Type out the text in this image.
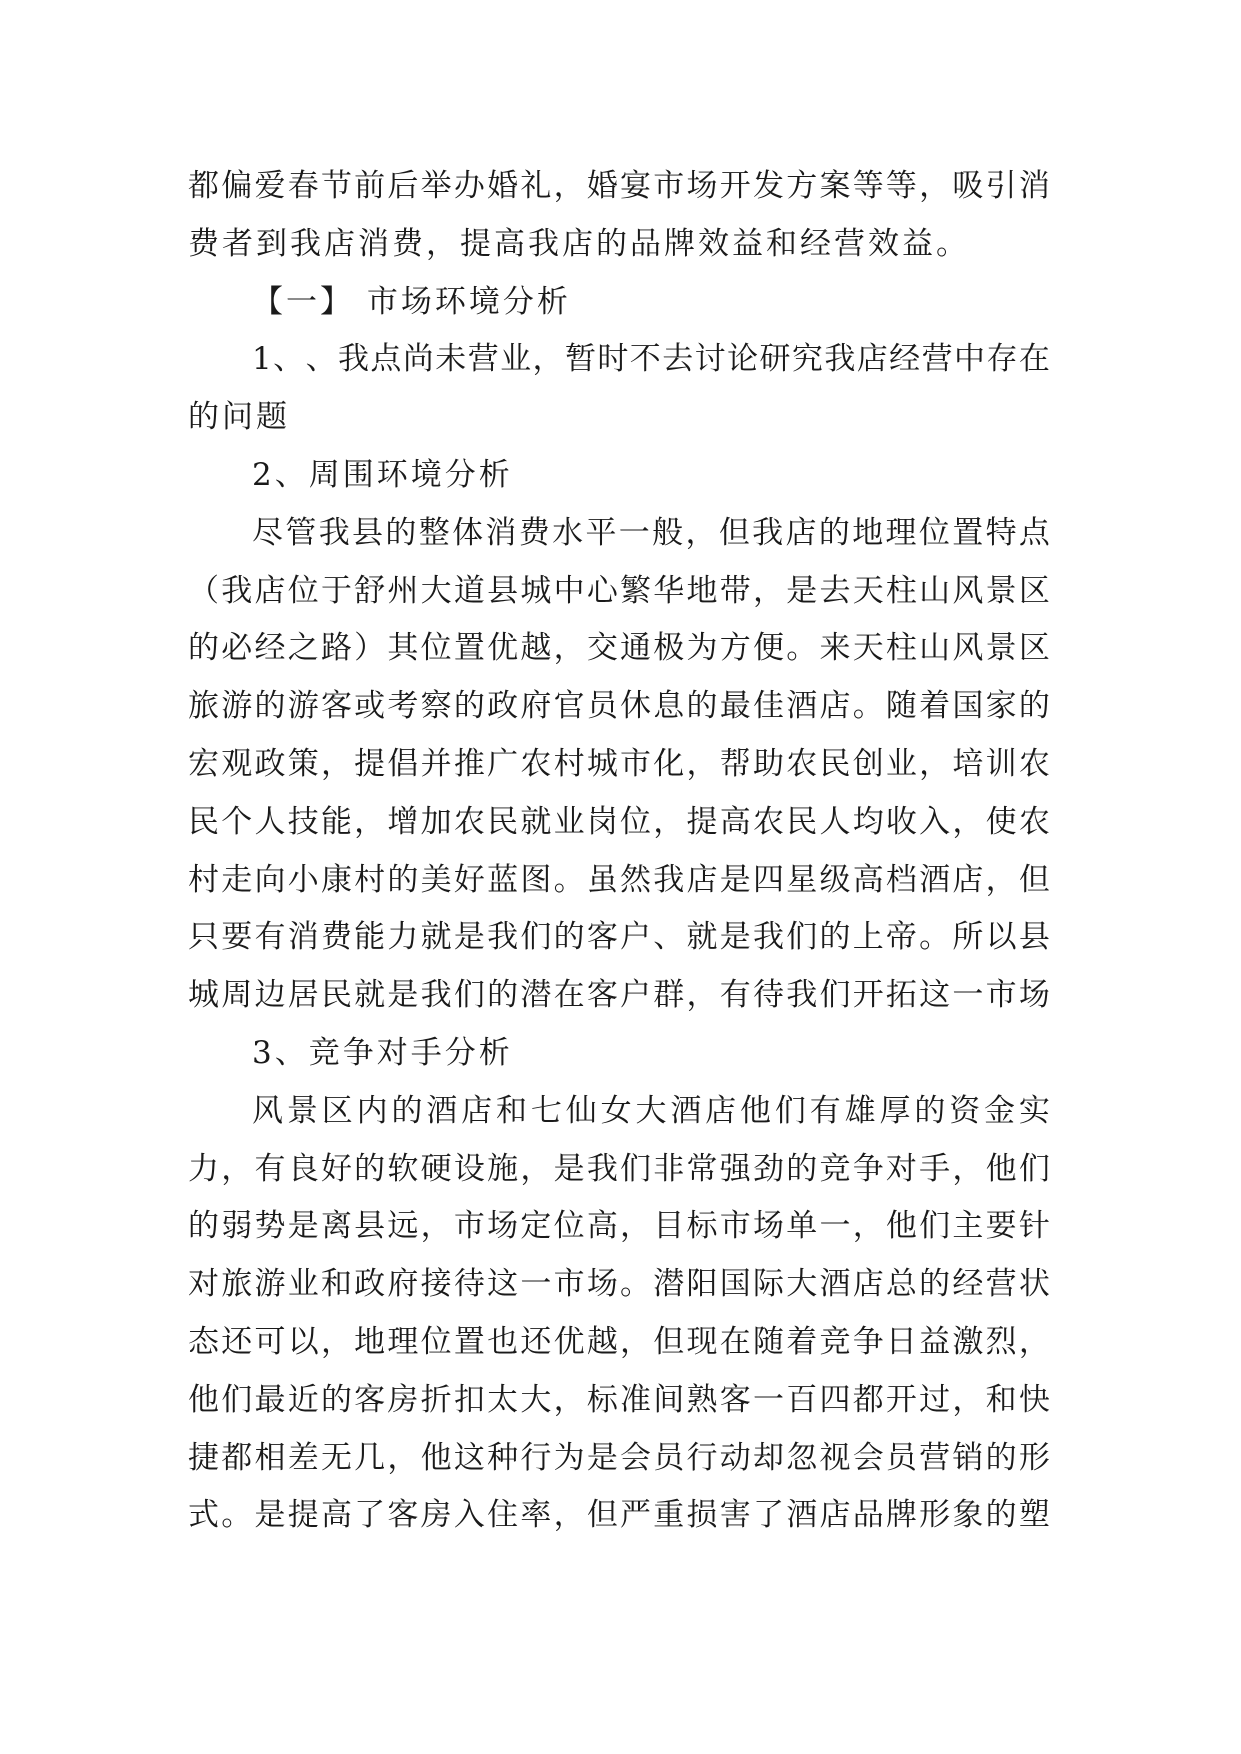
都 偏 爱 春 节 前 后 举 办 婚 礼 ， 婚 宴 市 场 开 发 方 案 等 等 ， 吸 引 消
费者到我店消费，提高我店的品牌效益和经营效益。
【一】 市场环境分析
1 、 、 我 点 尚 未 营 业 ， 暂 时 不 去 讨 论 研 究 我 店 经 营 中 存 在
的问题
2、周围环境分析
尽 管 我 县 的 整 体 消 费 水 平 一 般 ， 但 我 店 的 地 理 位 置 特 点
（ 我 店 位 于 舒 州 大 道 县 城 中 心 繁 华 地 带 ， 是 去 天 柱 山 风 景 区
的 必 经 之 路 ） 其 位 置 优 越 ， 交 通 极 为 方 便 。 来 天 柱 山 风 景 区
旅 游 的 游 客 或 考 察 的 政 府 官 员 休 息 的 最 佳 酒 店 。 随 着 国 家 的
宏 观 政 策 ， 提 倡 并 推 广 农 村 城 市 化 ， 帮 助 农 民 创 业 ， 培 训 农
民 个 人 技 能 ， 增 加 农 民 就 业 岗 位 ， 提 高 农 民 人 均 收 入 ， 使 农
村 走 向 小 康 村 的 美 好 蓝 图 。 虽 然 我 店 是 四 星 级 高 档 酒 店 ， 但
只 要 有 消 费 能 力 就 是 我 们 的 客 户 、 就 是 我 们 的 上 帝 。 所 以 县
城 周 边 居 民 就 是 我 们 的 潜 在 客 户 群 ， 有 待 我 们 开 拓 这 一 市 场
3、竞争对手分析
风 景 区 内 的 酒 店 和 七 仙 女 大 酒 店 他 们 有 雄 厚 的 资 金 实
力 ， 有 良 好 的 软 硬 设 施 ， 是 我 们 非 常 强 劲 的 竞 争 对 手 ， 他 们
的 弱 势 是 离 县 远 ， 市 场 定 位 高 ， 目 标 市 场 单 一 ， 他 们 主 要 针
对 旅 游 业 和 政 府 接 待 这 一 市 场 。 潜 阳 国 际 大 酒 店 总 的 经 营 状
态 还 可 以 ， 地 理 位 置 也 还 优 越 ， 但 现 在 随 着 竞 争 日 益 激 烈 ，
他 们 最 近 的 客 房 折 扣 太 大 ， 标 准 间 熟 客 一 百 四 都 开 过 ， 和 快
捷 都 相 差 无 几 ， 他 这 种 行 为 是 会 员 行 动 却 忽 视 会 员 营 销 的 形
式 。 是 提 高 了 客 房 入 住 率 ， 但 严 重 损 害 了 酒 店 品 牌 形 象 的 塑
